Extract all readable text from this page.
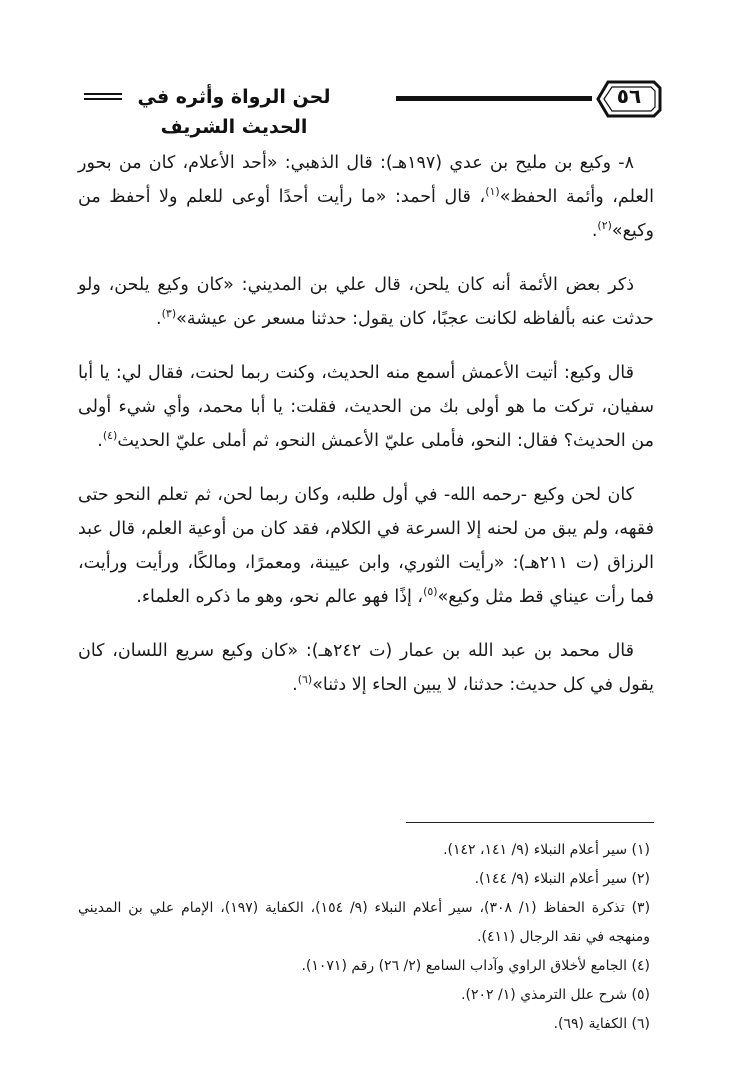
لحن الرواة وأثره في الحديث الشريف
٥٦

٨- وكيع بن مليح بن عدي (١٩٧هـ): قال الذهبي: «أحد الأعلام، كان من بحور العلم، وأئمة الحفظ»$^{(١)}$، قال أحمد: «ما رأيت أحدًا أوعى للعلم ولا أحفظ من وكيع»$^{(٢)}$.

ذكر بعض الأئمة أنه كان يلحن، قال علي بن المديني: «كان وكيع يلحن، ولو حدثت عنه بألفاظه لكانت عجبًا، كان يقول: حدثنا مسعر عن عيشة»$^{(٣)}$.

قال وكيع: أتيت الأعمش أسمع منه الحديث، وكنت ربما لحنت، فقال لي: يا أبا سفيان، تركت ما هو أولى بك من الحديث، فقلت: يا أبا محمد، وأي شيء أولى من الحديث؟ فقال: النحو، فأملى عليّ الأعمش النحو، ثم أملى عليّ الحديث$^{(٤)}$.

كان لحن وكيع -رحمه الله- في أول طلبه، وكان ربما لحن، ثم تعلم النحو حتى فقهه، ولم يبق من لحنه إلا السرعة في الكلام، فقد كان من أوعية العلم، قال عبد الرزاق (ت ٢١١هـ): «رأيت الثوري، وابن عيينة، ومعمرًا، ومالكًا، ورأيت ورأيت، فما رأت عيناي قط مثل وكيع»$^{(٥)}$، إذًا فهو عالم نحو، وهو ما ذكره العلماء.

قال محمد بن عبد الله بن عمار (ت ٢٤٢هـ): «كان وكيع سريع اللسان، كان يقول في كل حديث: حدثنا، لا يبين الحاء إلا دثنا»$^{(٦)}$.

(١) سير أعلام النبلاء (٩/ ١٤١، ١٤٢).

(٢) سير أعلام النبلاء (٩/ ١٤٤).

(٣) تذكرة الحفاظ (١/ ٣٠٨)، سير أعلام النبلاء (٩/ ١٥٤)، الكفاية (١٩٧)، الإمام علي بن المديني ومنهجه في نقد الرجال (٤١١).

(٤) الجامع لأخلاق الراوي وآداب السامع (٢/ ٢٦) رقم (١٠٧١).

(٥) شرح علل الترمذي (١/ ٢٠٢).

(٦) الكفاية (٦٩).
